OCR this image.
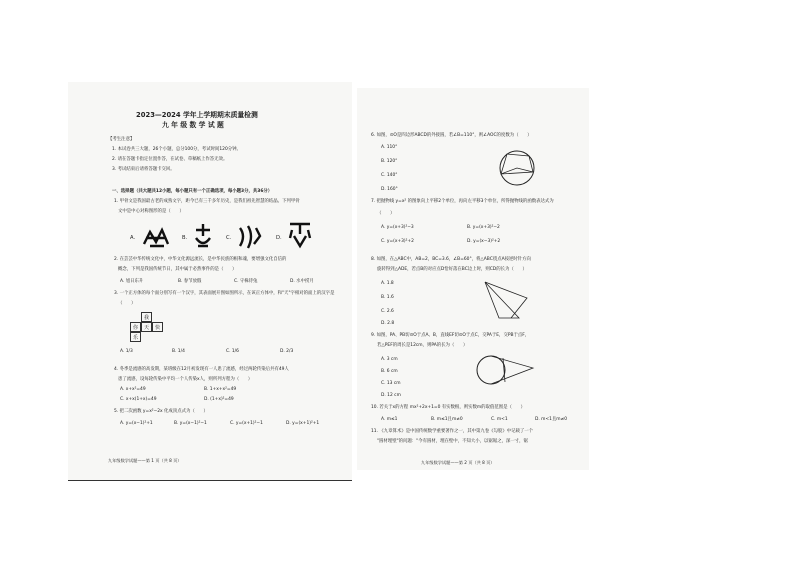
2023—2024 学年上学期期末质量检测
九 年 级 数 学 试 题
【考生注意】
1. 本试卷共三大题，26个小题，总分100分，考试时间120分钟。
2. 请在答题卡指定位置作答，在试卷、草稿纸上作答无效。
3. 考试结束后请将答题卡交回。
一、选择题（共大题共12小题，每小题只有一个正确选项，每小题3分，共36分）
1. 甲骨文是我国最古老的成熟文字，距今已有三千多年历史，是我们祖先智慧的结晶。下列甲骨
文中是中心对称图形的是（　　）
A.	B.	C.	D.
2. 在芸芸中华传统文化中，中华文化源远流长，是中华民族的根和魂，要增强文化自信的
概念，下列是我国传统节日，其中属于必然事件的是（　　）
A. 旭日东升	B. 春节放假	C. 守株待兔	D. 水中捞月
3. 一个正方体的每个面分别写有一个汉字，其表面展开图如图所示，在该正方体中，和"天"字相对的面上的汉字是
（　　）
我
你	天	快
乐
A. 1/3	B. 1/4	C. 1/6	D. 2/3
4. 冬季是流感的高发期，某班级在12月初发现有一人患了流感，经过两轮传染后共有49人
患了流感，设每轮传染中平均一个人传染x人，则所列方程为（　　）
A. x+x²=49	B. 1+x+x²=49
C. x+x(1+x)=49	D. (1+x)²=49
5. 把二次函数 y=x²−2x 化成顶点式为（　　）
A. y=(x−1)²+1	B. y=(x−1)²−1	C. y=(x+1)²−1	D. y=(x+1)²+1
九年级数学试题——第 1 页（共 8 页）
6. 如图，⊙O是四边形ABCD的外接圆，若∠B=110°，则∠AOC的度数为（　　）
A. 110°
B. 120°
C. 140°
D. 160°
7. 把抛物线 y=x² 的图象向上平移2个单位，再向左平移3个单位，所得抛物线的函数表达式为
（　　）
A. y=(x+3)²−3	B. y=(x+3)²−2
C. y=(x+3)²+2	D. y=(x−3)²+2
8. 如图，在△ABC中，AB=2，BC=3.6，∠B=60°，将△ABC绕点A按逆时针方向
旋转得到△ADE，若点B的对应点D恰好落在BC边上时，则CD的长为（　　）
A. 1.8
B. 1.6
C. 2.6
D. 2.8
9. 如图，PA、PB切⊙O于点A、B，直线EF切⊙O于点C，交PA于E，交PB于点F，
若△PEF的周长是12cm，则PA的长为（　　）
A. 3 cm
B. 6 cm
C. 13 cm
D. 12 cm
10. 若关于x的方程 mx²+2x+1=0 有实数根，则实数m的取值范围是（　　）
A. m≤1	B. m≤1且m≠0	C. m<1	D. m<1且m≠0
11. 《九章算术》是中国传统数学重要著作之一，其中第九卷《勾股》中记载了一个
"圆材埋壁"的问题："今有圆材，埋在壁中，不知大小，以锯锯之，深一寸，锯
九年级数学试题——第 2 页（共 8 页）
